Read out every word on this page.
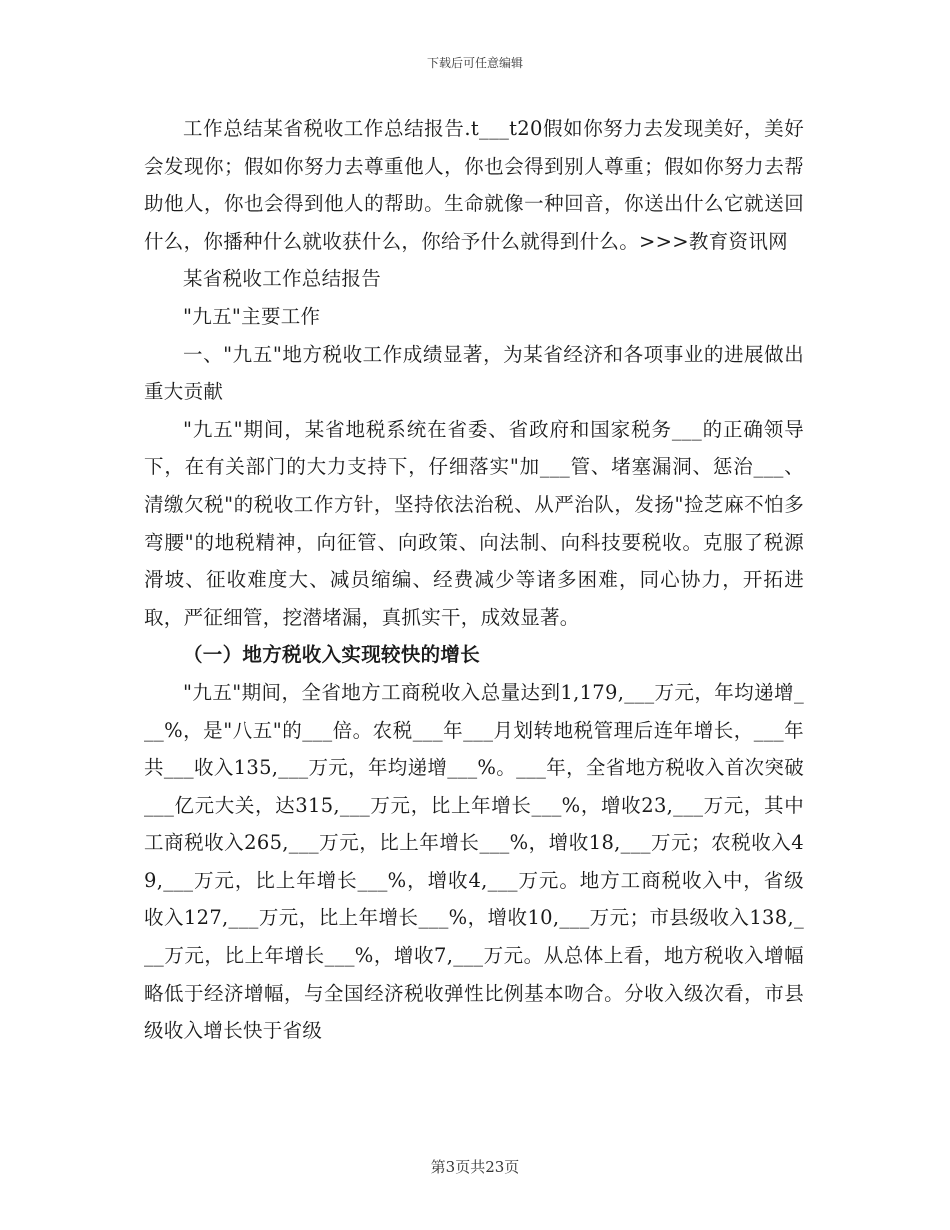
下载后可任意编辑

工作总结某省税收工作总结报告.t___t20假如你努力去发现美好，美好会发现你；假如你努力去尊重他人，你也会得到别人尊重；假如你努力去帮助他人，你也会得到他人的帮助。生命就像一种回音，你送出什么它就送回什么，你播种什么就收获什么，你给予什么就得到什么。>>>教育资讯网

某省税收工作总结报告

"九五"主要工作

一、"九五"地方税收工作成绩显著，为某省经济和各项事业的进展做出重大贡献

"九五"期间，某省地税系统在省委、省政府和国家税务___的正确领导下，在有关部门的大力支持下，仔细落实"加___管、堵塞漏洞、惩治___、清缴欠税"的税收工作方针，坚持依法治税、从严治队，发扬"捡芝麻不怕多弯腰"的地税精神，向征管、向政策、向法制、向科技要税收。克服了税源滑坡、征收难度大、减员缩编、经费减少等诸多困难，同心协力，开拓进取，严征细管，挖潜堵漏，真抓实干，成效显著。

（一）地方税收入实现较快的增长

"九五"期间，全省地方工商税收入总量达到1,179,___万元，年均递增___%，是"八五"的___倍。农税___年___月划转地税管理后连年增长，___年共___收入135,___万元，年均递增___%。___年，全省地方税收入首次突破___亿元大关，达315,___万元，比上年增长___%，增收23,___万元，其中工商税收入265,___万元，比上年增长___%，增收18,___万元；农税收入49,___万元，比上年增长___%，增收4,___万元。地方工商税收入中，省级收入127,___万元，比上年增长___%，增收10,___万元；市县级收入138,___万元，比上年增长___%，增收7,___万元。从总体上看，地方税收入增幅略低于经济增幅，与全国经济税收弹性比例基本吻合。分收入级次看，市县级收入增长快于省级

第3页共23页
